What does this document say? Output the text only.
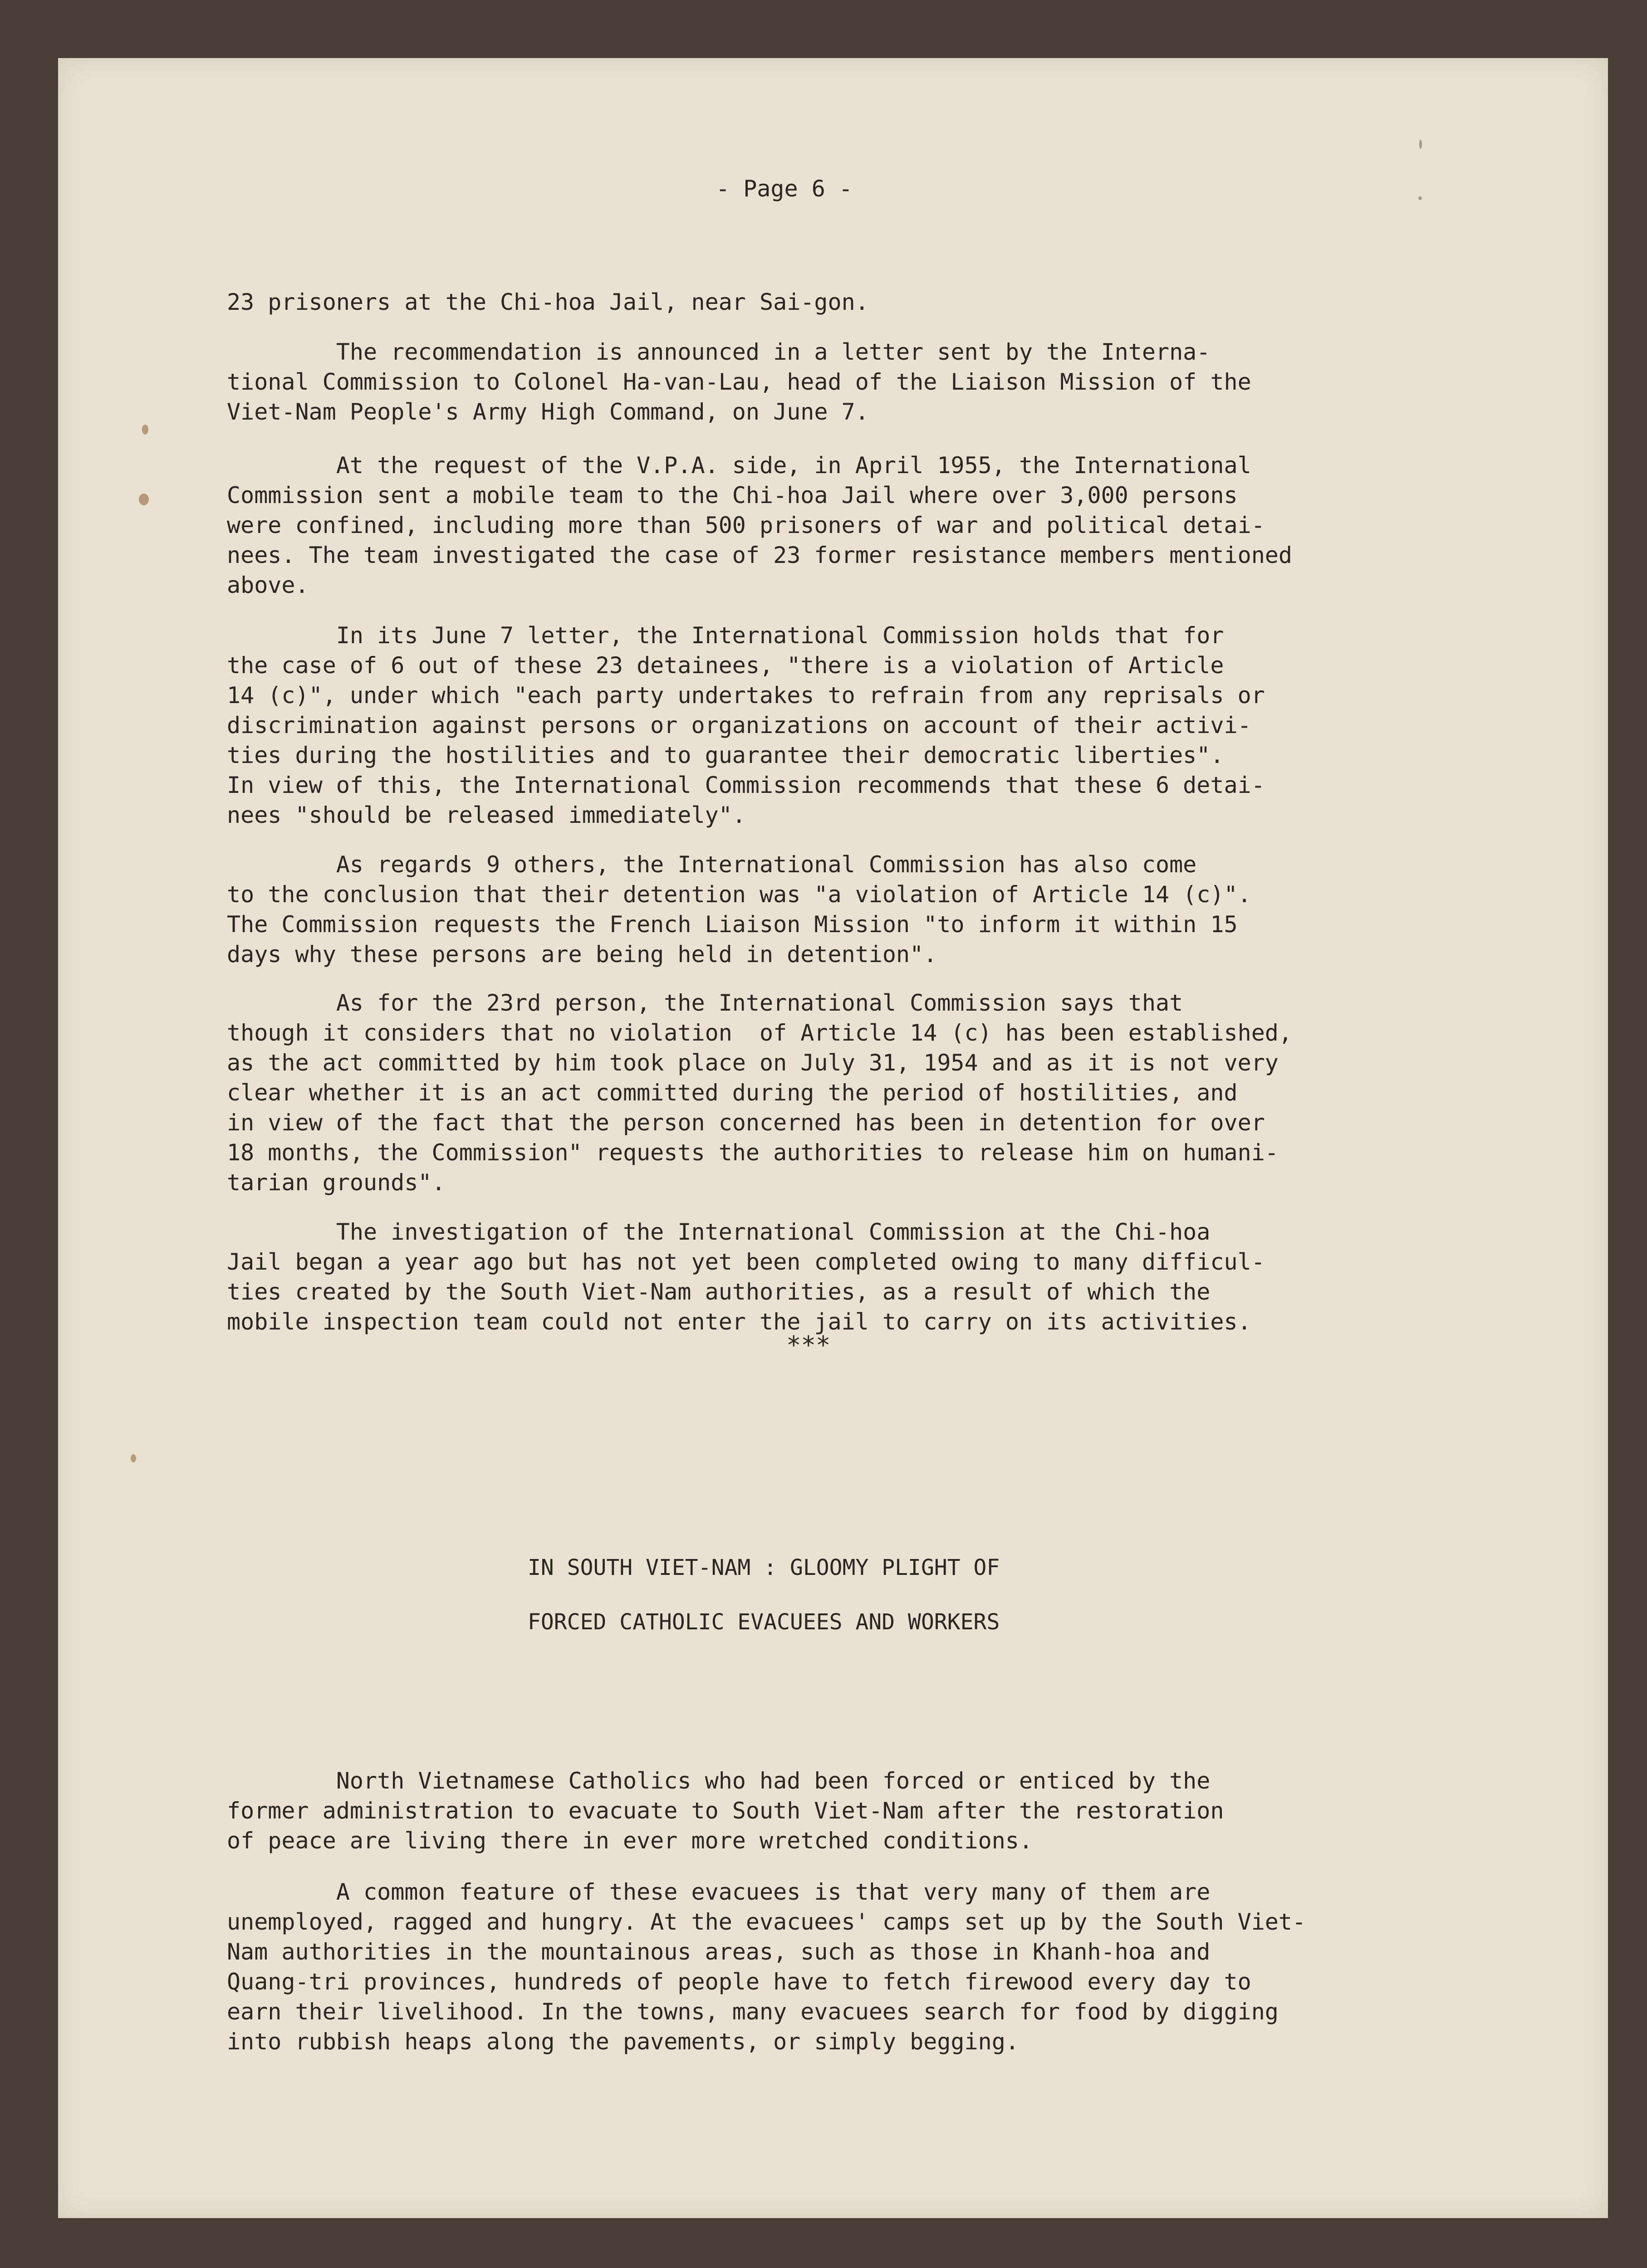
- Page 6 -
23 prisoners at the Chi-hoa Jail, near Sai-gon.
The recommendation is announced in a letter sent by the Interna-
tional Commission to Colonel Ha-van-Lau, head of the Liaison Mission of the
Viet-Nam People's Army High Command, on June 7.
At the request of the V.P.A. side, in April 1955, the International
Commission sent a mobile team to the Chi-hoa Jail where over 3,000 persons
were confined, including more than 500 prisoners of war and political detai-
nees. The team investigated the case of 23 former resistance members mentioned
above.
In its June 7 letter, the International Commission holds that for
the case of 6 out of these 23 detainees, "there is a violation of Article
14 (c)", under which "each party undertakes to refrain from any reprisals or
discrimination against persons or organizations on account of their activi-
ties during the hostilities and to guarantee their democratic liberties".
In view of this, the International Commission recommends that these 6 detai-
nees "should be released immediately".
As regards 9 others, the International Commission has also come
to the conclusion that their detention was "a violation of Article 14 (c)".
The Commission requests the French Liaison Mission "to inform it within 15
days why these persons are being held in detention".
As for the 23rd person, the International Commission says that
though it considers that no violation  of Article 14 (c) has been established,
as the act committed by him took place on July 31, 1954 and as it is not very
clear whether it is an act committed during the period of hostilities, and
in view of the fact that the person concerned has been in detention for over
18 months, the Commission" requests the authorities to release him on humani-
tarian grounds".
The investigation of the International Commission at the Chi-hoa
Jail began a year ago but has not yet been completed owing to many difficul-
ties created by the South Viet-Nam authorities, as a result of which the
mobile inspection team could not enter the jail to carry on its activities.
***
IN SOUTH VIET-NAM : GLOOMY PLIGHT OF
FORCED CATHOLIC EVACUEES AND WORKERS
North Vietnamese Catholics who had been forced or enticed by the
former administration to evacuate to South Viet-Nam after the restoration
of peace are living there in ever more wretched conditions.
A common feature of these evacuees is that very many of them are
unemployed, ragged and hungry. At the evacuees' camps set up by the South Viet-
Nam authorities in the mountainous areas, such as those in Khanh-hoa and
Quang-tri provinces, hundreds of people have to fetch firewood every day to
earn their livelihood. In the towns, many evacuees search for food by digging
into rubbish heaps along the pavements, or simply begging.
